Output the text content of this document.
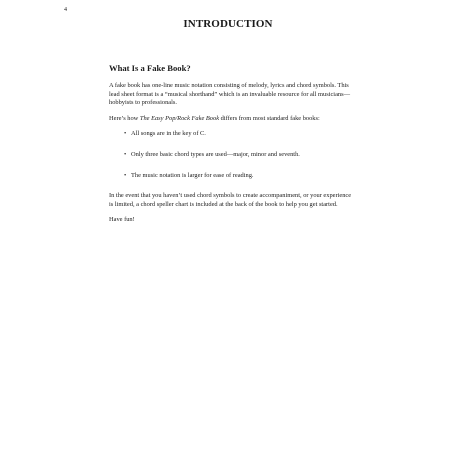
4
INTRODUCTION
What Is a Fake Book?

A fake book has one-line music notation consisting of melody, lyrics and chord symbols. This lead sheet format is a “musical shorthand” which is an invaluable resource for all musicians—hobbyists to professionals.

Here’s how The Easy Pop/Rock Fake Book differs from most standard fake books:

• All songs are in the key of C.
• Only three basic chord types are used—major, minor and seventh.
• The music notation is larger for ease of reading.

In the event that you haven’t used chord symbols to create accompaniment, or your experience is limited, a chord speller chart is included at the back of the book to help you get started.

Have fun!
